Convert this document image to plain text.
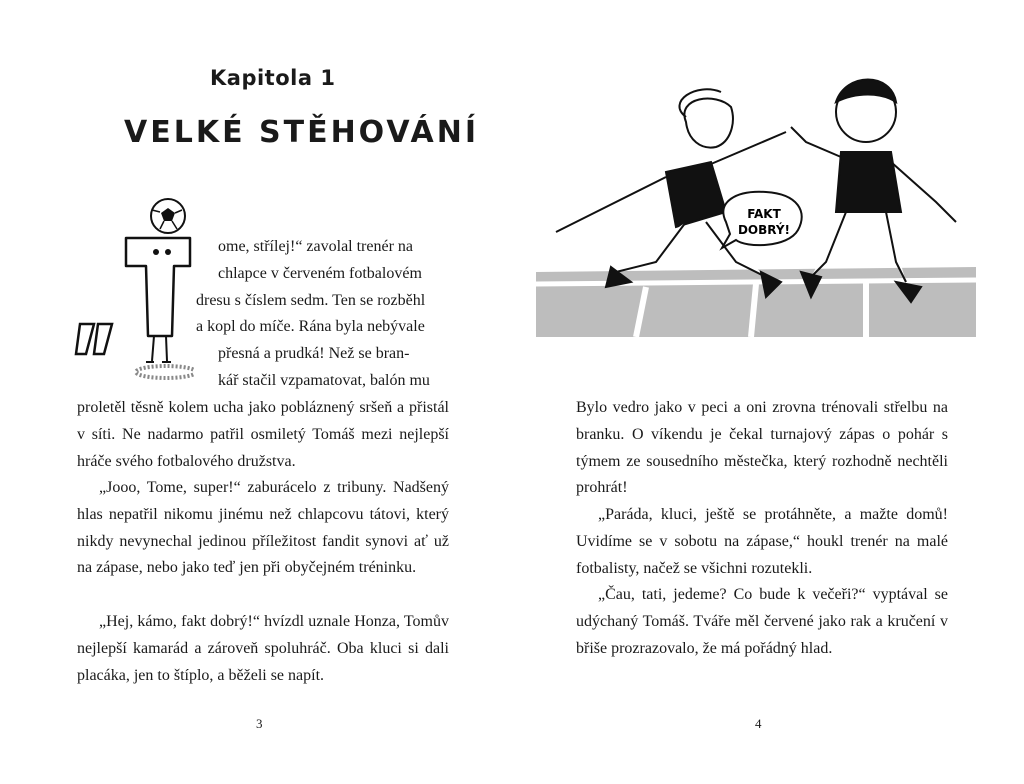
Kapitola 1
VELKÉ STĚHOVÁNÍ
T
ome, střílej!“ zavolal trenér na
chlapce v červeném fotbalovém
dresu s číslem sedm. Ten se rozběhl
a kopl do míče. Rána byla nebývale
přesná a prudká! Než se bran-
kář stačil vzpamatovat, balón mu

proletěl těsně kolem ucha jako pobláznený sršeň a přistál v síti. Ne nadarmo patřil osmiletý Tomáš mezi nejlepší hráče svého fotbalového družstva.

„Jooo, Tome, super!“ zaburácelo z tribuny. Nadšený hlas nepatřil nikomu jinému než chlapcovu tátovi, který nikdy nevynechal jedinou příležitost fandit synovi ať už na zápase, nebo jako teď jen při obyčejném tréninku.

„Hej, kámo, fakt dobrý!“ hvízdl uznale Honza, Tomův nejlepší kamarád a zároveň spoluhráč. Oba kluci si dali placáka, jen to štíplo, a běželi se napít.

3
FAKT
DOBRÝ!

Bylo vedro jako v peci a oni zrovna trénovali střelbu na branku. O víkendu je čekal turnajový zápas o pohár s týmem ze sousedního městečka, který rozhodně nechtěli prohrát!

„Paráda, kluci, ještě se protáhněte, a mažte domů! Uvidíme se v sobotu na zápase,“ houkl trenér na malé fotbalisty, načež se všichni rozutekli.

„Čau, tati, jedeme? Co bude k večeři?“ vyptával se udýchaný Tomáš. Tváře měl červené jako rak a kručení v břiše prozrazovalo, že má pořádný hlad.

4
